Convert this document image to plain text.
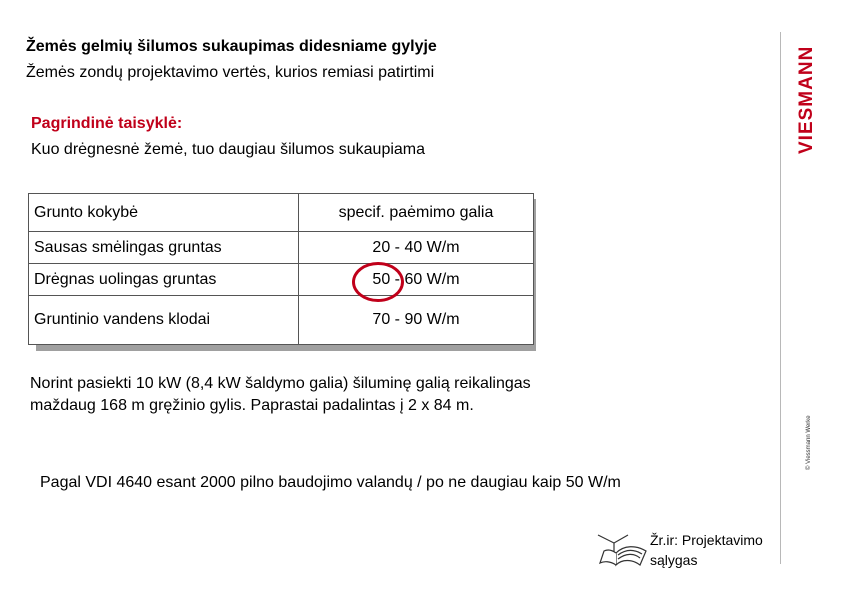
Žemės gelmių šilumos sukaupimas didesniame gylyje
Žemės zondų projektavimo vertės, kurios remiasi patirtimi
Pagrindinė taisyklė:
Kuo drėgnesnė žemė, tuo daugiau šilumos sukaupiama	VIESMANN
© Viessmann Werke
Grunto kokybė	specif. paėmimo galia
Sausas smėlingas gruntas	20 - 40 W/m
Drėgnas uolingas gruntas	50 - 60 W/m
Gruntinio vandens klodai	70 - 90 W/m
Norint pasiekti 10 kW (8,4 kW šaldymo galia) šiluminę galią reikalingas maždaug 168 m gręžinio gylis. Paprastai padalintas į 2 x 84 m.
Pagal VDI 4640 esant 2000 pilno baudojimo valandų / po ne daugiau kaip 50 W/m
Žr.ir: Projektavimo
sąlygas
